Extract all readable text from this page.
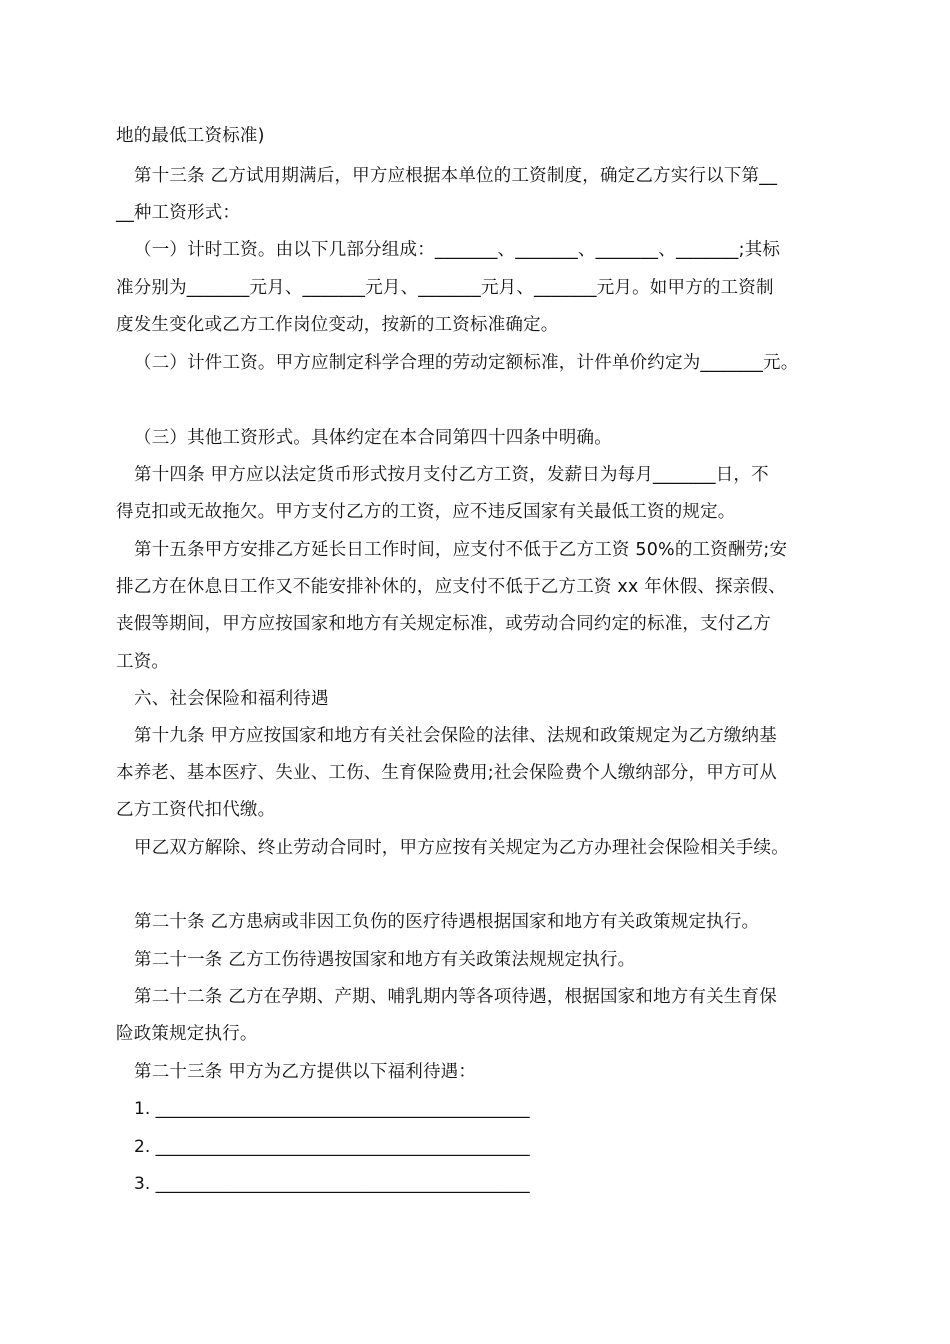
地的最低工资标准)
第十三条 乙方试用期满后，甲方应根据本单位的工资制度，确定乙方实行以下第__
__种工资形式：
（一）计时工资。由以下几部分组成：_______、_______、_______、_______;其标
准分别为_______元月、_______元月、_______元月、_______元月。如甲方的工资制
度发生变化或乙方工作岗位变动，按新的工资标准确定。
（二）计件工资。甲方应制定科学合理的劳动定额标准，计件单价约定为_______元。
（三）其他工资形式。具体约定在本合同第四十四条中明确。
第十四条 甲方应以法定货币形式按月支付乙方工资，发薪日为每月_______日，不
得克扣或无故拖欠。甲方支付乙方的工资，应不违反国家有关最低工资的规定。
第十五条甲方安排乙方延长日工作时间，应支付不低于乙方工资 50%的工资酬劳;安
排乙方在休息日工作又不能安排补休的，应支付不低于乙方工资 xx 年休假、探亲假、
丧假等期间，甲方应按国家和地方有关规定标准，或劳动合同约定的标准，支付乙方
工资。
六、社会保险和福利待遇
第十九条 甲方应按国家和地方有关社会保险的法律、法规和政策规定为乙方缴纳基
本养老、基本医疗、失业、工伤、生育保险费用;社会保险费个人缴纳部分，甲方可从
乙方工资代扣代缴。
甲乙双方解除、终止劳动合同时，甲方应按有关规定为乙方办理社会保险相关手续。
第二十条 乙方患病或非因工负伤的医疗待遇根据国家和地方有关政策规定执行。
第二十一条 乙方工伤待遇按国家和地方有关政策法规规定执行。
第二十二条 乙方在孕期、产期、哺乳期内等各项待遇，根据国家和地方有关生育保
险政策规定执行。
第二十三条 甲方为乙方提供以下福利待遇：
1. ____________________________________________
2. ____________________________________________
3. ____________________________________________
